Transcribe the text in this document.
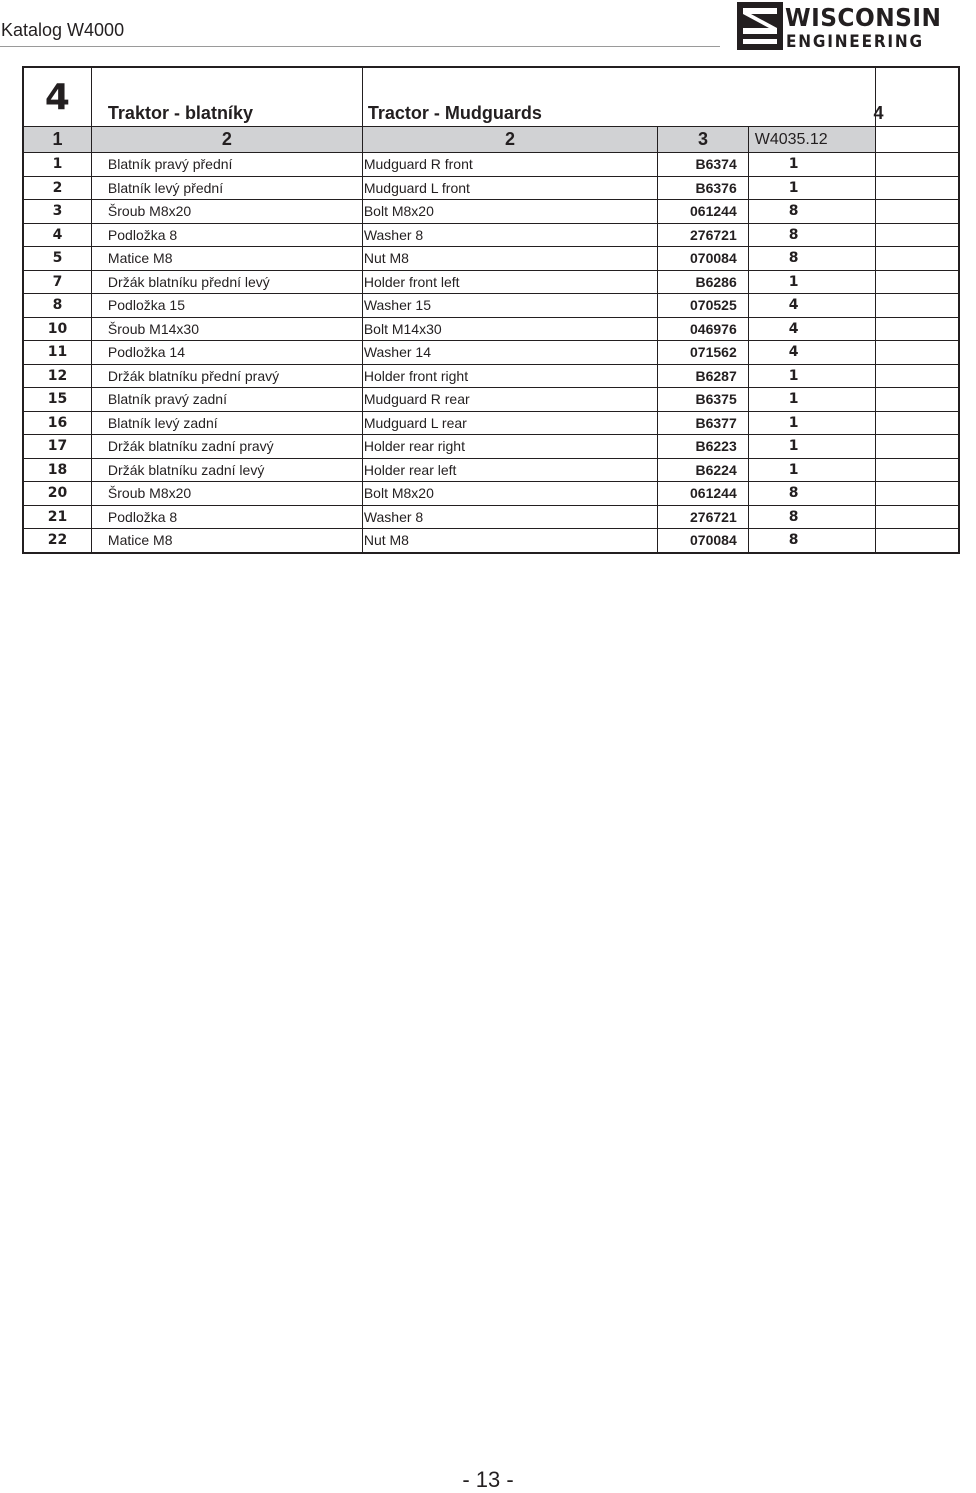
Katalog W4000	WISCONSIN
ENGINEERING
4	Traktor - blatníky	Tractor - Mudguards			4
1	2	2	3	W4035.12	
1	Blatník pravý přední	Mudguard R front	B6374	1	
2	Blatník levý přední	Mudguard L front	B6376	1	
3	Šroub M8x20	Bolt M8x20	061244	8	
4	Podložka 8	Washer 8	276721	8	
5	Matice M8	Nut M8	070084	8	
7	Držák blatníku přední levý	Holder front left	B6286	1	
8	Podložka 15	Washer 15	070525	4	
10	Šroub M14x30	Bolt M14x30	046976	4	
11	Podložka 14	Washer 14	071562	4	
12	Držák blatníku přední pravý	Holder front right	B6287	1	
15	Blatník pravý zadní	Mudguard R rear	B6375	1	
16	Blatník levý zadní	Mudguard L rear	B6377	1	
17	Držák blatníku zadní pravý	Holder rear right	B6223	1	
18	Držák blatníku zadní levý	Holder rear left	B6224	1	
20	Šroub M8x20	Bolt M8x20	061244	8	
21	Podložka 8	Washer 8	276721	8	
22	Matice M8	Nut M8	070084	8	
- 13 -
